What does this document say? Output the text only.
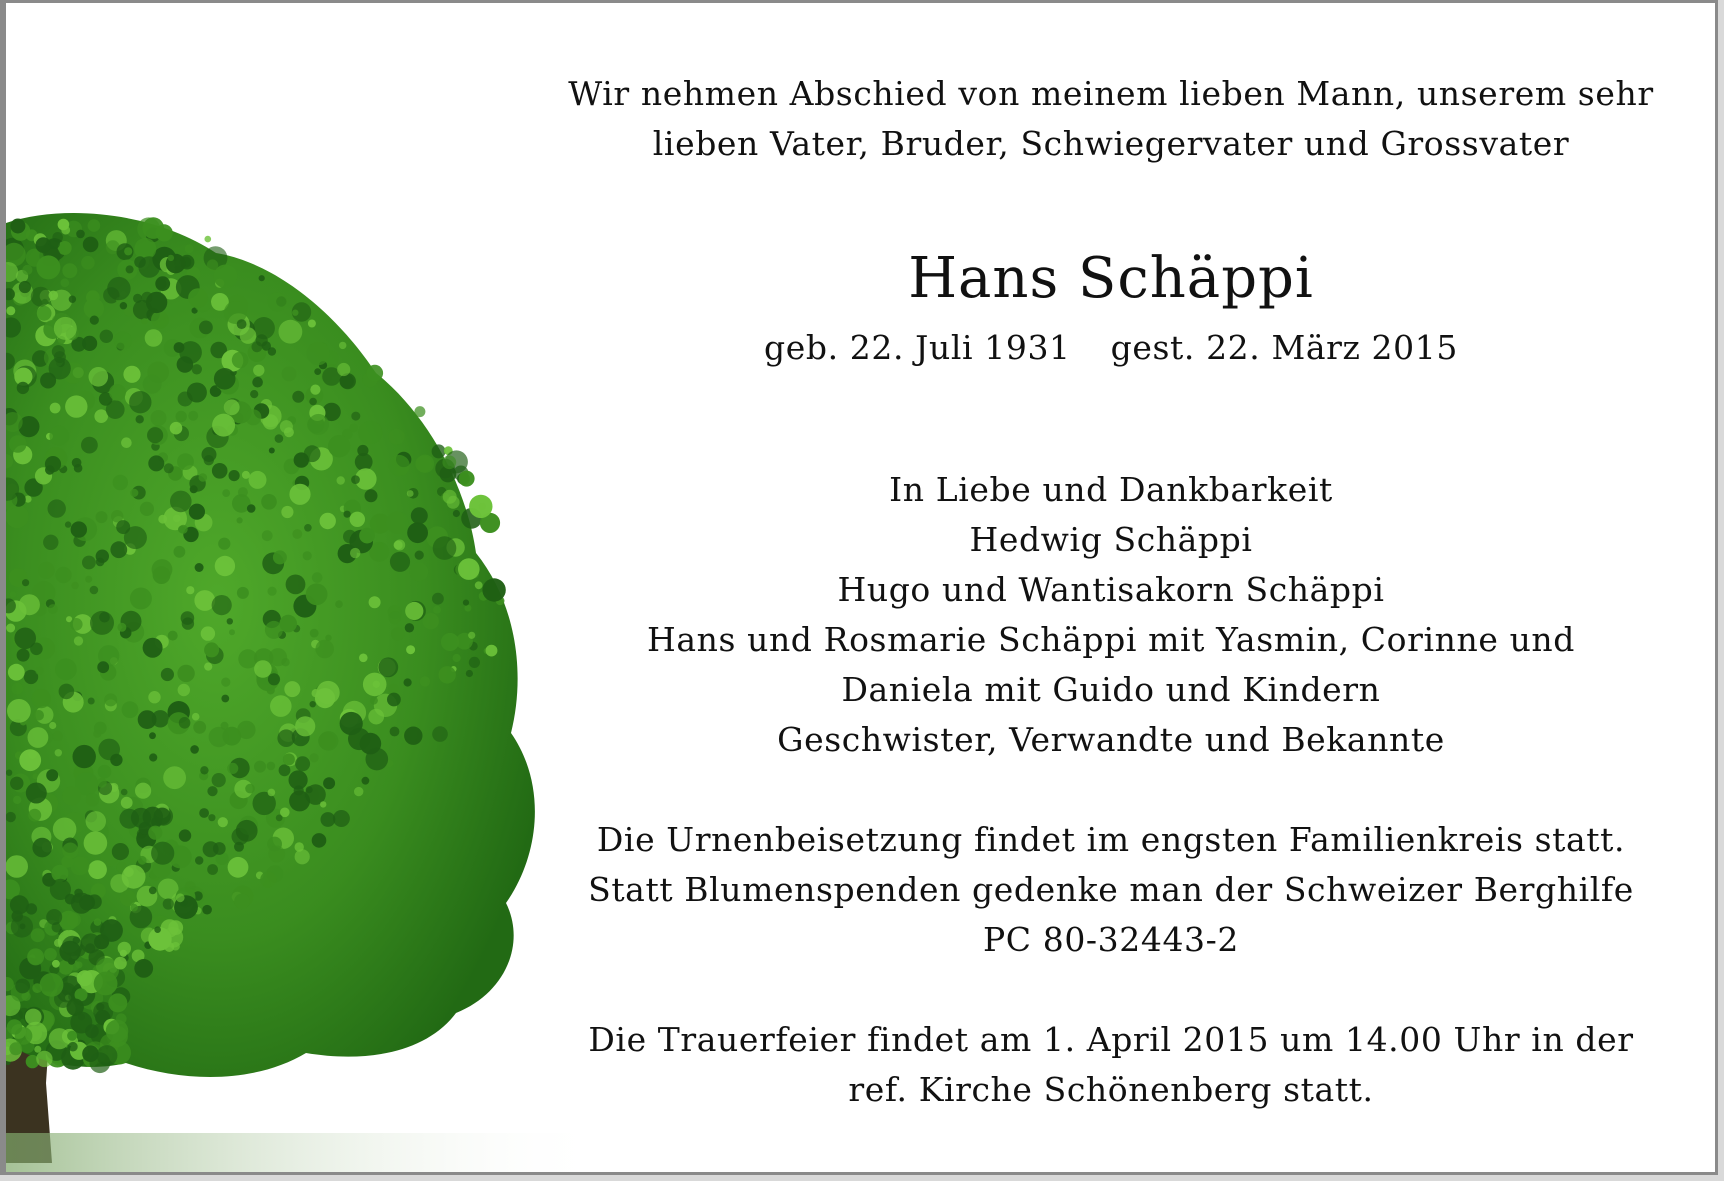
Wir nehmen Abschied von meinem lieben Mann, unserem sehr
lieben Vater, Bruder, Schwiegervater und Grossvater
Hans Schäppi
geb. 22. Juli 1931 gest. 22. März 2015
In Liebe und Dankbarkeit
Hedwig Schäppi
Hugo und Wantisakorn Schäppi
Hans und Rosmarie Schäppi mit Yasmin, Corinne und
Daniela mit Guido und Kindern
Geschwister, Verwandte und Bekannte
Die Urnenbeisetzung findet im engsten Familienkreis statt.
Statt Blumenspenden gedenke man der Schweizer Berghilfe
PC 80-32443-2
Die Trauerfeier findet am 1. April 2015 um 14.00 Uhr in der
ref. Kirche Schönenberg statt.
